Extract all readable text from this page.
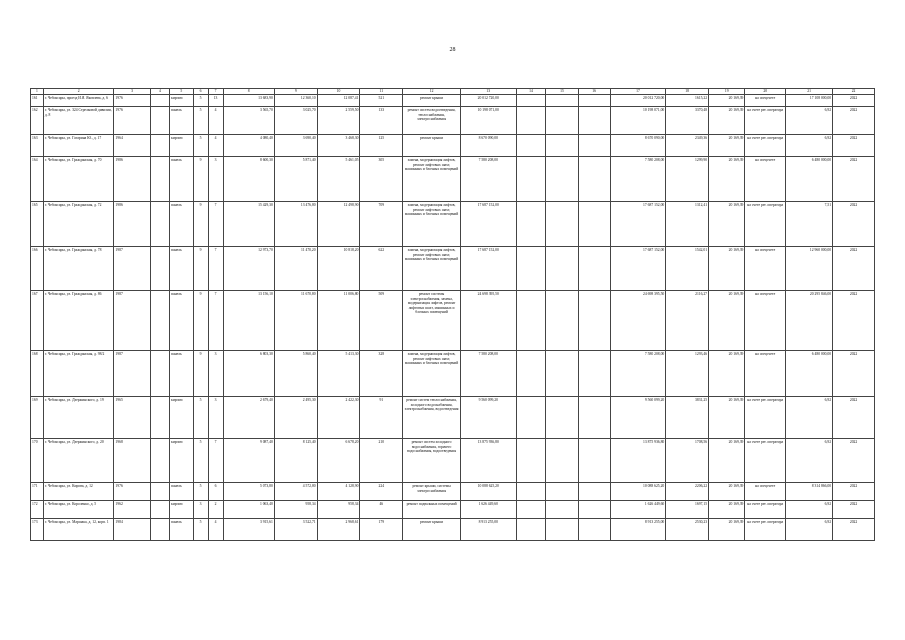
28
1	2	3	4	5	6	7	8	9	10	11	12	13	14	15	16	17	18	19	20	21	22
161	г. Чебоксары, проезд И.Я. Яковлева, д. 6	1976		кирпич	5	13	13 683,90	12 360,10	12 087,41	521	ремонт крыши	20 012 720,00				20 012 720,00	1615,22	20 169,39	на спецсчете	17 108 000,00	2022
162	г. Чебоксары, ул. 324 Стрелковой дивизии, д. 8	1976		панель	5	4	3 565,70	3 025,70	2 559,50	133	ремонт систем водоотведения, теплоснабжения, электроснабжения	10 198 071,00				10 198 071,00	3370,48	20 169,39	на счете рег. оператора	6,92	2022
163	г. Чебоксары, ул. Гагарина Ю., д. 17	1964		кирпич	5	4	4 080,40	3 690,40	3 468,30	125	ремонт крыши	8 670 090,00				8 670 090,00	2349,36	20 169,39	на счете рег. оператора	6,92	2022
164	г. Чебоксары, ул. Гражданская, д. 70	1986		панель	9	3	8 600,30	5 871,40	5 461,05	305	замена, модернизация лифтов, ремонт лифтовых шахт, машинных и блочных помещений	7 580 208,00				7 580 208,00	1299,90	20 169,39	на спецсчете	6 480 000,00	2022
165	г. Чебоксары, ул. Гражданская, д. 72	1986		панель	9	7	15 429,30	13 476,80	12 498,90	709	замена, модернизация лифтов, ремонт лифтовых шахт, машинных и блочных помещений	17 687 152,00				17 687 152,00	1312,41	20 169,39	на счете рег. оператора	7,51	2022
166	г. Чебоксары, ул. Гражданская, д. 78	1987		панель	9	7	12 973,70	11 470,20	10 818,20	622	замена, модернизация лифтов, ремонт лифтовых шахт, машинных и блочных помещений	17 687 152,00				17 687 152,00	1542,01	20 169,39	на спецсчете	12 960 000,00	2022
167	г. Чебоксары, ул. Гражданская, д. 86	1987		панель	9	7	13 156,10	11 670,80	11 006,80	509	ремонт системы электроснабжения, замена, модернизация лифтов, ремонт лифтовых шахт, машинных и блочных помещений	24 698 395,50				24 698 395,50	2116,27	20 169,39	на спецсчете	20 295 846,00	2022
168	г. Чебоксары, ул. Гражданская, д. 98/2	1987		панель	9	3	6 803,30	5 860,40	5 413,30	328	замена, модернизация лифтов, ремонт лифтовых шахт, машинных и блочных помещений	7 580 208,00				7 580 208,00	1293,46	20 169,39	на спецсчете	6 480 000,00	2022
169	г. Чебоксары, ул. Дзержинского, д. 19	1965		кирпич	5	3	2 679,40	2 495,30	2 422,30	91	ремонт систем теплоснабжения, холодного водоснабжения, электроснабжения, водоотведения	9 560 099,20				9 560 099,20	3831,25	20 169,39	на счете рег. оператора	6,92	2022
170	г. Чебоксары, ул. Дзержинского, д. 20	1968		кирпич	5	7	9 087,40	8 125,40	6 678,20	210	ремонт систем холодного водоснабжения, горячего водоснабжения, водоотведения	13 875 936,80				13 875 936,80	1708,56	20 169,39	на счете рег. оператора	6,92	2022
171	г. Чебоксары, ул. Кирова, д. 12	1976		панель	5	6	5 073,80	4 572,80	4 128,90	224	ремонт крыши, системы электроснабжения	10 088 625,20				10 088 625,20	2206,22	20 169,39	на спецсчете	8 314 866,00	2022
172	г. Чебоксары, ул. Короленко, д. 5	1962		кирпич	3	2	1 063,40	958,34	958,34	46	ремонт подвальных помещений	1 626 449,60				1 626 449,60	1697,15	20 169,39	на счете рег. оператора	6,92	2022
173	г. Чебоксары, ул. Маршака, д. 12, корп. 1	1984		панель	5	4	3 915,61	3 522,71	2 968,61	179	ремонт крыши	8 913 255,00				8 913 255,00	2530,23	20 169,39	на счете рег. оператора	6,92	2022
